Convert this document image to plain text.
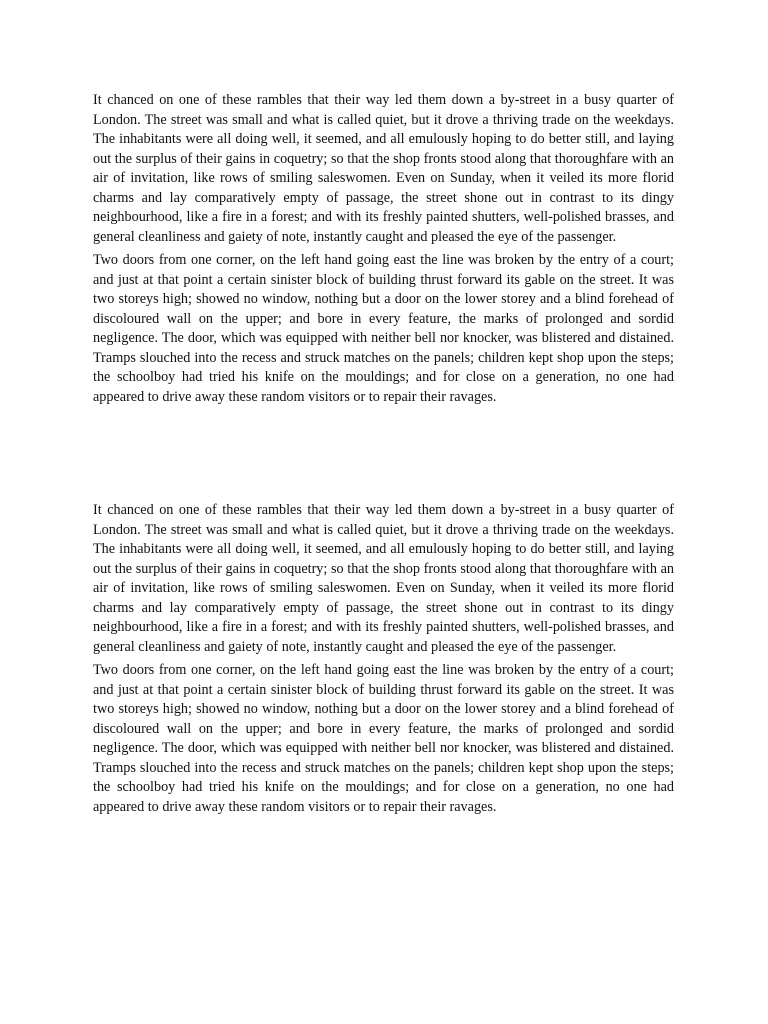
It chanced on one of these rambles that their way led them down a by-street in a busy quarter of London. The street was small and what is called quiet, but it drove a thriving trade on the weekdays. The inhabitants were all doing well, it seemed, and all emulously hoping to do better still, and laying out the surplus of their gains in coquetry; so that the shop fronts stood along that thoroughfare with an air of invitation, like rows of smiling saleswomen. Even on Sunday, when it veiled its more florid charms and lay comparatively empty of passage, the street shone out in contrast to its dingy neighbourhood, like a fire in a forest; and with its freshly painted shutters, well-polished brasses, and general cleanliness and gaiety of note, instantly caught and pleased the eye of the passenger.

Two doors from one corner, on the left hand going east the line was broken by the entry of a court; and just at that point a certain sinister block of building thrust forward its gable on the street. It was two storeys high; showed no window, nothing but a door on the lower storey and a blind forehead of discoloured wall on the upper; and bore in every feature, the marks of prolonged and sordid negligence. The door, which was equipped with neither bell nor knocker, was blistered and distained. Tramps slouched into the recess and struck matches on the panels; children kept shop upon the steps; the schoolboy had tried his knife on the mouldings; and for close on a generation, no one had appeared to drive away these random visitors or to repair their ravages.

It chanced on one of these rambles that their way led them down a by-street in a busy quarter of London. The street was small and what is called quiet, but it drove a thriving trade on the weekdays. The inhabitants were all doing well, it seemed, and all emulously hoping to do better still, and laying out the surplus of their gains in coquetry; so that the shop fronts stood along that thoroughfare with an air of invitation, like rows of smiling saleswomen. Even on Sunday, when it veiled its more florid charms and lay comparatively empty of passage, the street shone out in contrast to its dingy neighbourhood, like a fire in a forest; and with its freshly painted shutters, well-polished brasses, and general cleanliness and gaiety of note, instantly caught and pleased the eye of the passenger.

Two doors from one corner, on the left hand going east the line was broken by the entry of a court; and just at that point a certain sinister block of building thrust forward its gable on the street. It was two storeys high; showed no window, nothing but a door on the lower storey and a blind forehead of discoloured wall on the upper; and bore in every feature, the marks of prolonged and sordid negligence. The door, which was equipped with neither bell nor knocker, was blistered and distained. Tramps slouched into the recess and struck matches on the panels; children kept shop upon the steps; the schoolboy had tried his knife on the mouldings; and for close on a generation, no one had appeared to drive away these random visitors or to repair their ravages.
